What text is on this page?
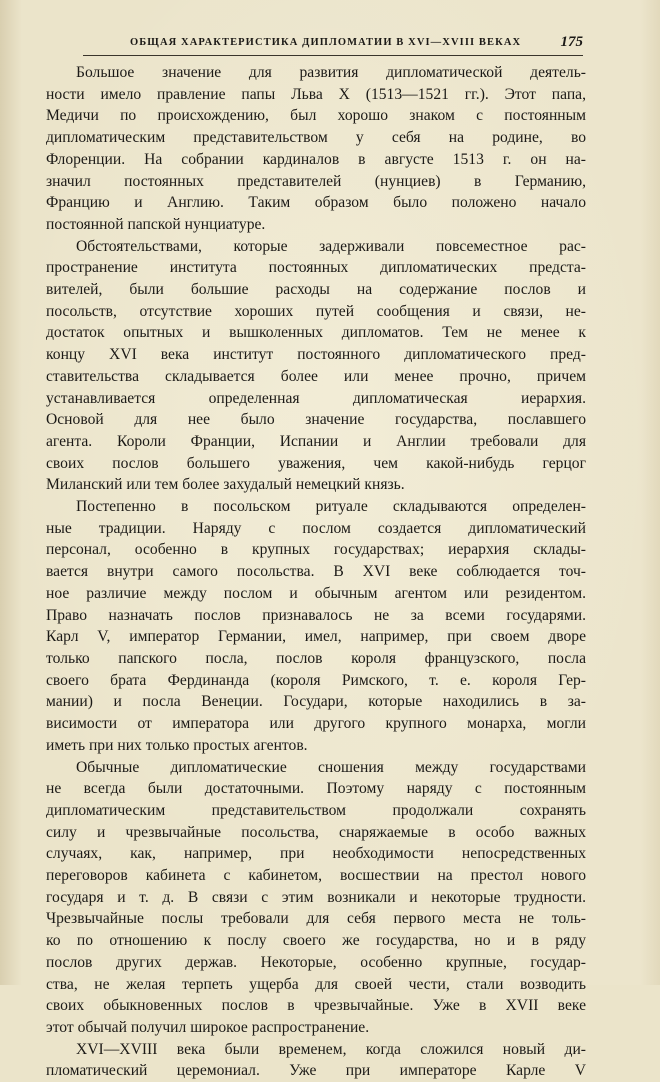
ОБЩАЯ ХАРАКТЕРИСТИКА ДИПЛОМАТИИ В XVI—XVIII ВЕКАХ	175
Большое значение для развития дипломатической деятель-
ности имело правление папы Льва X (1513—1521 гг.). Этот папа,
Медичи по происхождению, был хорошо знаком с постоянным
дипломатическим представительством у себя на родине, во
Флоренции. На собрании кардиналов в августе 1513 г. он на-
значил постоянных представителей (нунциев) в Германию,
Францию и Англию. Таким образом было положено начало
постоянной папской нунциатуре.
Обстоятельствами, которые задерживали повсеместное рас-
пространение института постоянных дипломатических предста-
вителей, были большие расходы на содержание послов и
посольств, отсутствие хороших путей сообщения и связи, не-
достаток опытных и вышколенных дипломатов. Тем не менее к
концу XVI века институт постоянного дипломатического пред-
ставительства складывается более или менее прочно, причем
устанавливается определенная дипломатическая иерархия.
Основой для нее было значение государства, пославшего
агента. Короли Франции, Испании и Англии требовали для
своих послов большего уважения, чем какой-нибудь герцог
Миланский или тем более захудалый немецкий князь.
Постепенно в посольском ритуале складываются определен-
ные традиции. Наряду с послом создается дипломатический
персонал, особенно в крупных государствах; иерархия склады-
вается внутри самого посольства. В XVI веке соблюдается точ-
ное различие между послом и обычным агентом или резидентом.
Право назначать послов признавалось не за всеми государями.
Карл V, император Германии, имел, например, при своем дворе
только папского посла, послов короля французского, посла
своего брата Фердинанда (короля Римского, т. е. короля Гер-
мании) и посла Венеции. Государи, которые находились в за-
висимости от императора или другого крупного монарха, могли
иметь при них только простых агентов.
Обычные дипломатические сношения между государствами
не всегда были достаточными. Поэтому наряду с постоянным
дипломатическим представительством продолжали сохранять
силу и чрезвычайные посольства, снаряжаемые в особо важных
случаях, как, например, при необходимости непосредственных
переговоров кабинета с кабинетом, восшествии на престол нового
государя и т. д. В связи с этим возникали и некоторые трудности.
Чрезвычайные послы требовали для себя первого места не толь-
ко по отношению к послу своего же государства, но и в ряду
послов других держав. Некоторые, особенно крупные, государ-
ства, не желая терпеть ущерба для своей чести, стали возводить
своих обыкновенных послов в чрезвычайные. Уже в XVII веке
этот обычай получил широкое распространение.
XVI—XVIII века были временем, когда сложился новый ди-
пломатический церемониал. Уже при императоре Карле V
